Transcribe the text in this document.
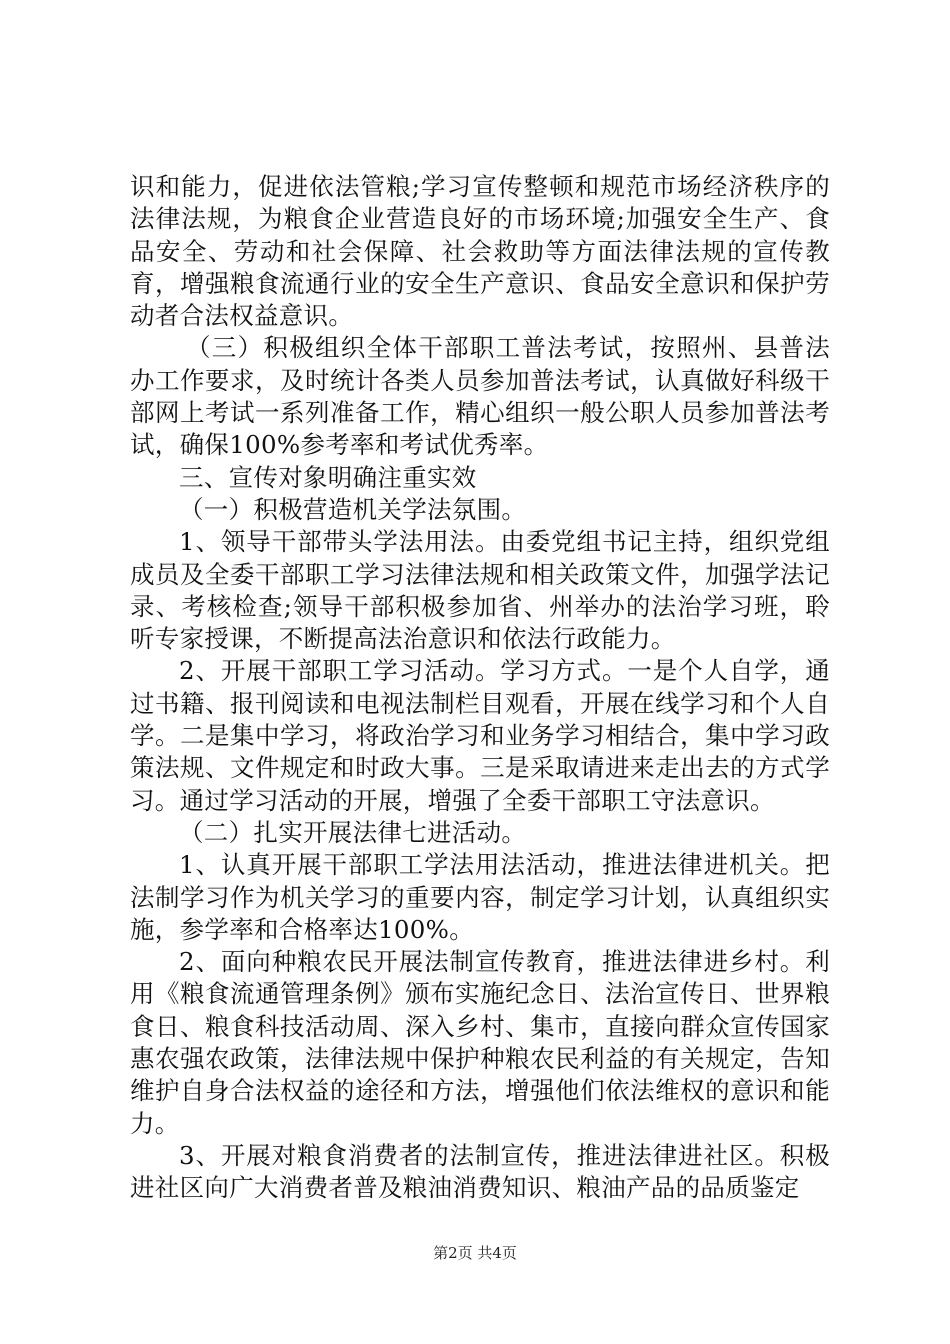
识和能力，促进依法管粮;学习宣传整顿和规范市场经济秩序的法律法规，为粮食企业营造良好的市场环境;加强安全生产、食品安全、劳动和社会保障、社会救助等方面法律法规的宣传教育，增强粮食流通行业的安全生产意识、食品安全意识和保护劳动者合法权益意识。

（三）积极组织全体干部职工普法考试，按照州、县普法办工作要求，及时统计各类人员参加普法考试，认真做好科级干部网上考试一系列准备工作，精心组织一般公职人员参加普法考试，确保100%参考率和考试优秀率。

三、宣传对象明确注重实效

（一）积极营造机关学法氛围。

1、领导干部带头学法用法。由委党组书记主持，组织党组成员及全委干部职工学习法律法规和相关政策文件，加强学法记录、考核检查;领导干部积极参加省、州举办的法治学习班，聆听专家授课，不断提高法治意识和依法行政能力。

2、开展干部职工学习活动。学习方式。一是个人自学，通过书籍、报刊阅读和电视法制栏目观看，开展在线学习和个人自学。二是集中学习，将政治学习和业务学习相结合，集中学习政策法规、文件规定和时政大事。三是采取请进来走出去的方式学习。通过学习活动的开展，增强了全委干部职工守法意识。

（二）扎实开展法律七进活动。

1、认真开展干部职工学法用法活动，推进法律进机关。把法制学习作为机关学习的重要内容，制定学习计划，认真组织实施，参学率和合格率达100%。

2、面向种粮农民开展法制宣传教育，推进法律进乡村。利用《粮食流通管理条例》颁布实施纪念日、法治宣传日、世界粮食日、粮食科技活动周、深入乡村、集市，直接向群众宣传国家惠农强农政策，法律法规中保护种粮农民利益的有关规定，告知维护自身合法权益的途径和方法，增强他们依法维权的意识和能力。

3、开展对粮食消费者的法制宣传，推进法律进社区。积极进社区向广大消费者普及粮油消费知识、粮油产品的品质鉴定

第2页 共4页
